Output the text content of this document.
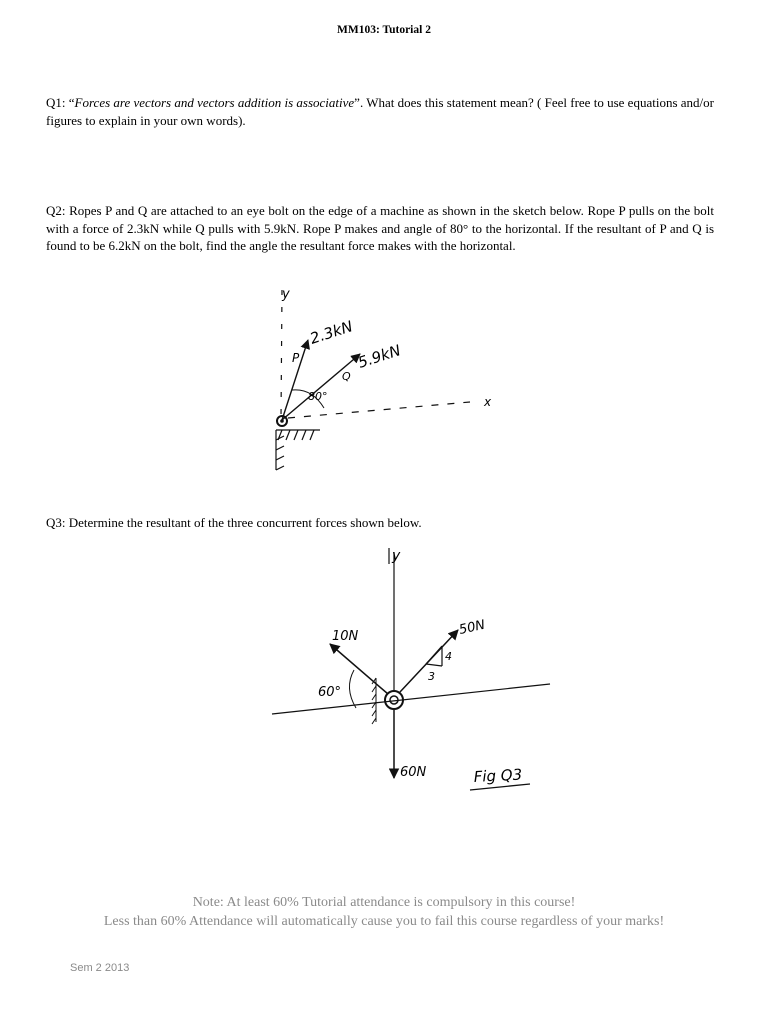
MM103: Tutorial 2
Q1: “Forces are vectors and vectors addition is associative”. What does this statement mean? ( Feel free to use equations and/or figures to explain in your own words).
Q2: Ropes P and Q are attached to an eye bolt on the edge of a machine as shown in the sketch below. Rope P pulls on the bolt with a force of 2.3kN while Q pulls with 5.9kN. Rope P makes and angle of 80° to the horizontal. If the resultant of P and Q is found to be 6.2kN on the bolt, find the angle the resultant force makes with the horizontal.
y
x
2.3kN
5.9kN
P
Q
80°
Q3: Determine the resultant of the three concurrent forces shown below.
y
4
3
10N	50N
60N
60°
Fig Q3
Note: At least 60% Tutorial attendance is compulsory in this course!
Less than 60% Attendance will automatically cause you to fail this course regardless of your marks!
Sem 2 2013
